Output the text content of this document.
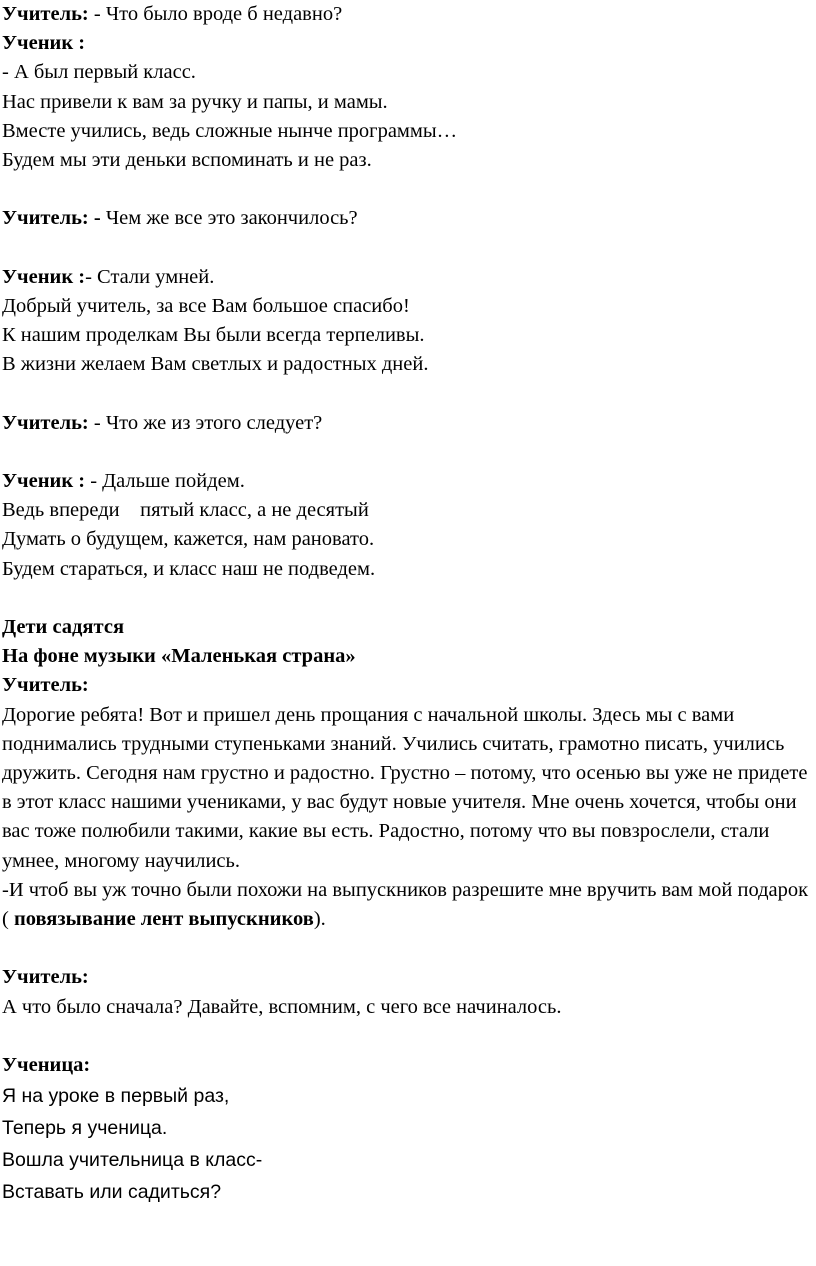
Учитель: - Что было вроде б недавно?
Ученик :
- А был первый класс.
Нас привели к вам за ручку и папы, и мамы.
Вместе учились, ведь сложные нынче программы…
Будем мы эти деньки вспоминать и не раз.
Учитель: - Чем же все это закончилось?
Ученик :- Стали умней.
Добрый учитель, за все Вам большое спасибо!
К нашим проделкам Вы были всегда терпеливы.
В жизни желаем Вам светлых и радостных дней.
Учитель: - Что же из этого следует?
Ученик : - Дальше пойдем.
Ведь впереди    пятый класс, а не десятый
Думать о будущем, кажется, нам рановато.
Будем стараться, и класс наш не подведем.
Дети садятся
На фоне музыки «Маленькая страна»
Учитель:
Дорогие ребята! Вот и пришел день прощания с начальной школы. Здесь мы с вами поднимались трудными ступеньками знаний. Учились считать, грамотно писать, учились дружить. Сегодня нам грустно и радостно. Грустно – потому, что осенью вы уже не придете в этот класс нашими учениками, у вас будут новые учителя. Мне очень хочется, чтобы они вас тоже полюбили такими, какие вы есть. Радостно, потому что вы повзрослели, стали умнее, многому научились.
-И чтоб вы уж точно были похожи на выпускников разрешите мне вручить вам мой подарок ( повязывание лент выпускников).
Учитель:
А что было сначала? Давайте, вспомним, с чего все начиналось.
Ученица:
Я на уроке в первый раз,
Теперь я ученица.
Вошла учительница в класс-
Вставать или садиться?
